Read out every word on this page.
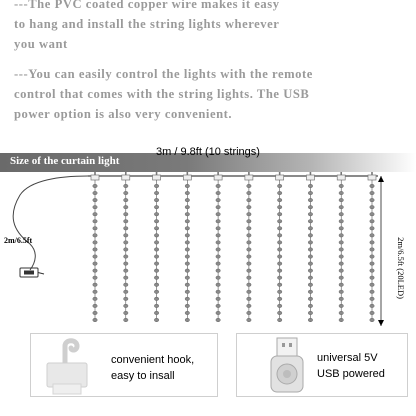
---The PVC coated copper wire makes it easy
to hang and install the string lights wherever
you want
---You can easily control the lights with the remote
control that comes with the string lights. The USB
power option is also very convenient.
Size of the curtain light
3m / 9.8ft (10 strings)
2m/6.5ft (20LED)
2m/6.5ft
convenient hook,
easy to insall
universal 5V
USB powered
